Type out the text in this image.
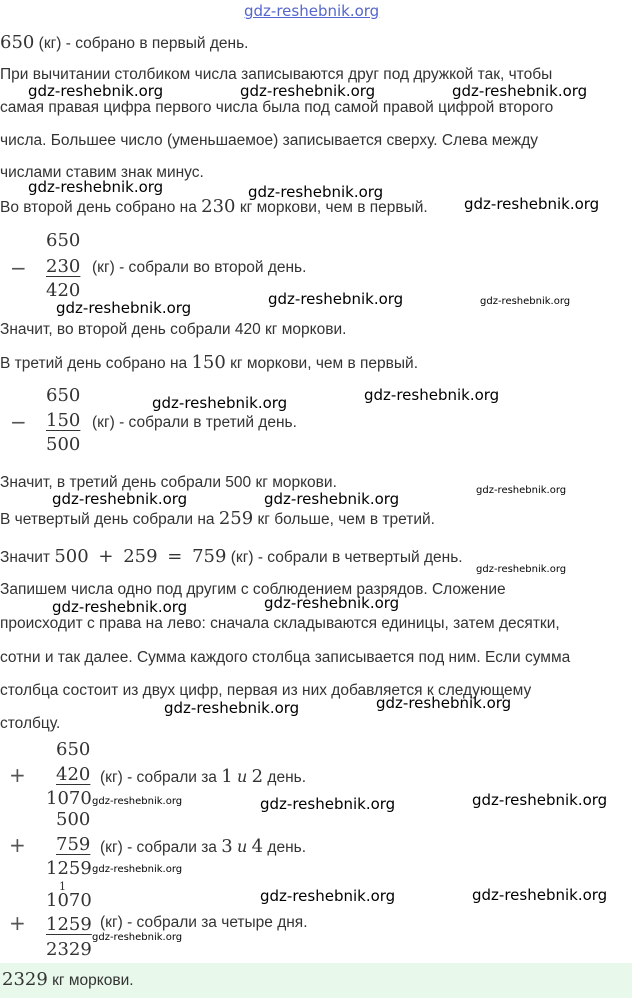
gdz-reshebnik.org
650 (кг) - собрано в первый день.
При вычитании столбиком числа записываются друг под дружкой так, чтобы
самая правая цифра первого числа была под самой правой цифрой второго
числа. Большее число (уменьшаемое) записывается сверху. Слева между
числами ставим знак минус.
Во второй день собрано на 230 кг моркови, чем в первый.
650
− 230 (кг) - собрали во второй день.
420
Значит, во второй день собрали 420 кг моркови.
В третий день собрано на 150 кг моркови, чем в первый.
650
− 150 (кг) - собрали в третий день.
500
Значит, в третий день собрали 500 кг моркови.
В четвертый день собрали на 259 кг больше, чем в третий.
Значит 500 + 259 = 759 (кг) - собрали в четвертый день.
Запишем числа одно под другим с соблюдением разрядов. Сложение
происходит с права на лево: сначала складываются единицы, затем десятки,
сотни и так далее. Сумма каждого столбца записывается под ним. Если сумма
столбца состоит из двух цифр, первая из них добавляется к следующему
столбцу.
650
+ 420 (кг) - собрали за 1 и 2 день.
1070
500
+ 759 (кг) - собрали за 3 и 4 день.
1259
1
1070
+ 1259 (кг) - собрали за четыре дня.
2329
2329 кг моркови.
gdz-reshebnik.org	gdz-reshebnik.org	gdz-reshebnik.org
gdz-reshebnik.org	gdz-reshebnik.org
gdz-reshebnik.org
gdz-reshebnik.org	gdz-reshebnik.org	gdz-reshebnik.org
gdz-reshebnik.org	gdz-reshebnik.org
gdz-reshebnik.org
gdz-reshebnik.org	gdz-reshebnik.org
gdz-reshebnik.org
gdz-reshebnik.org	gdz-reshebnik.org
gdz-reshebnik.org	gdz-reshebnik.org
gdz-reshebnik.org	gdz-reshebnik.org	gdz-reshebnik.org
gdz-reshebnik.org
gdz-reshebnik.org	gdz-reshebnik.org
gdz-reshebnik.org
